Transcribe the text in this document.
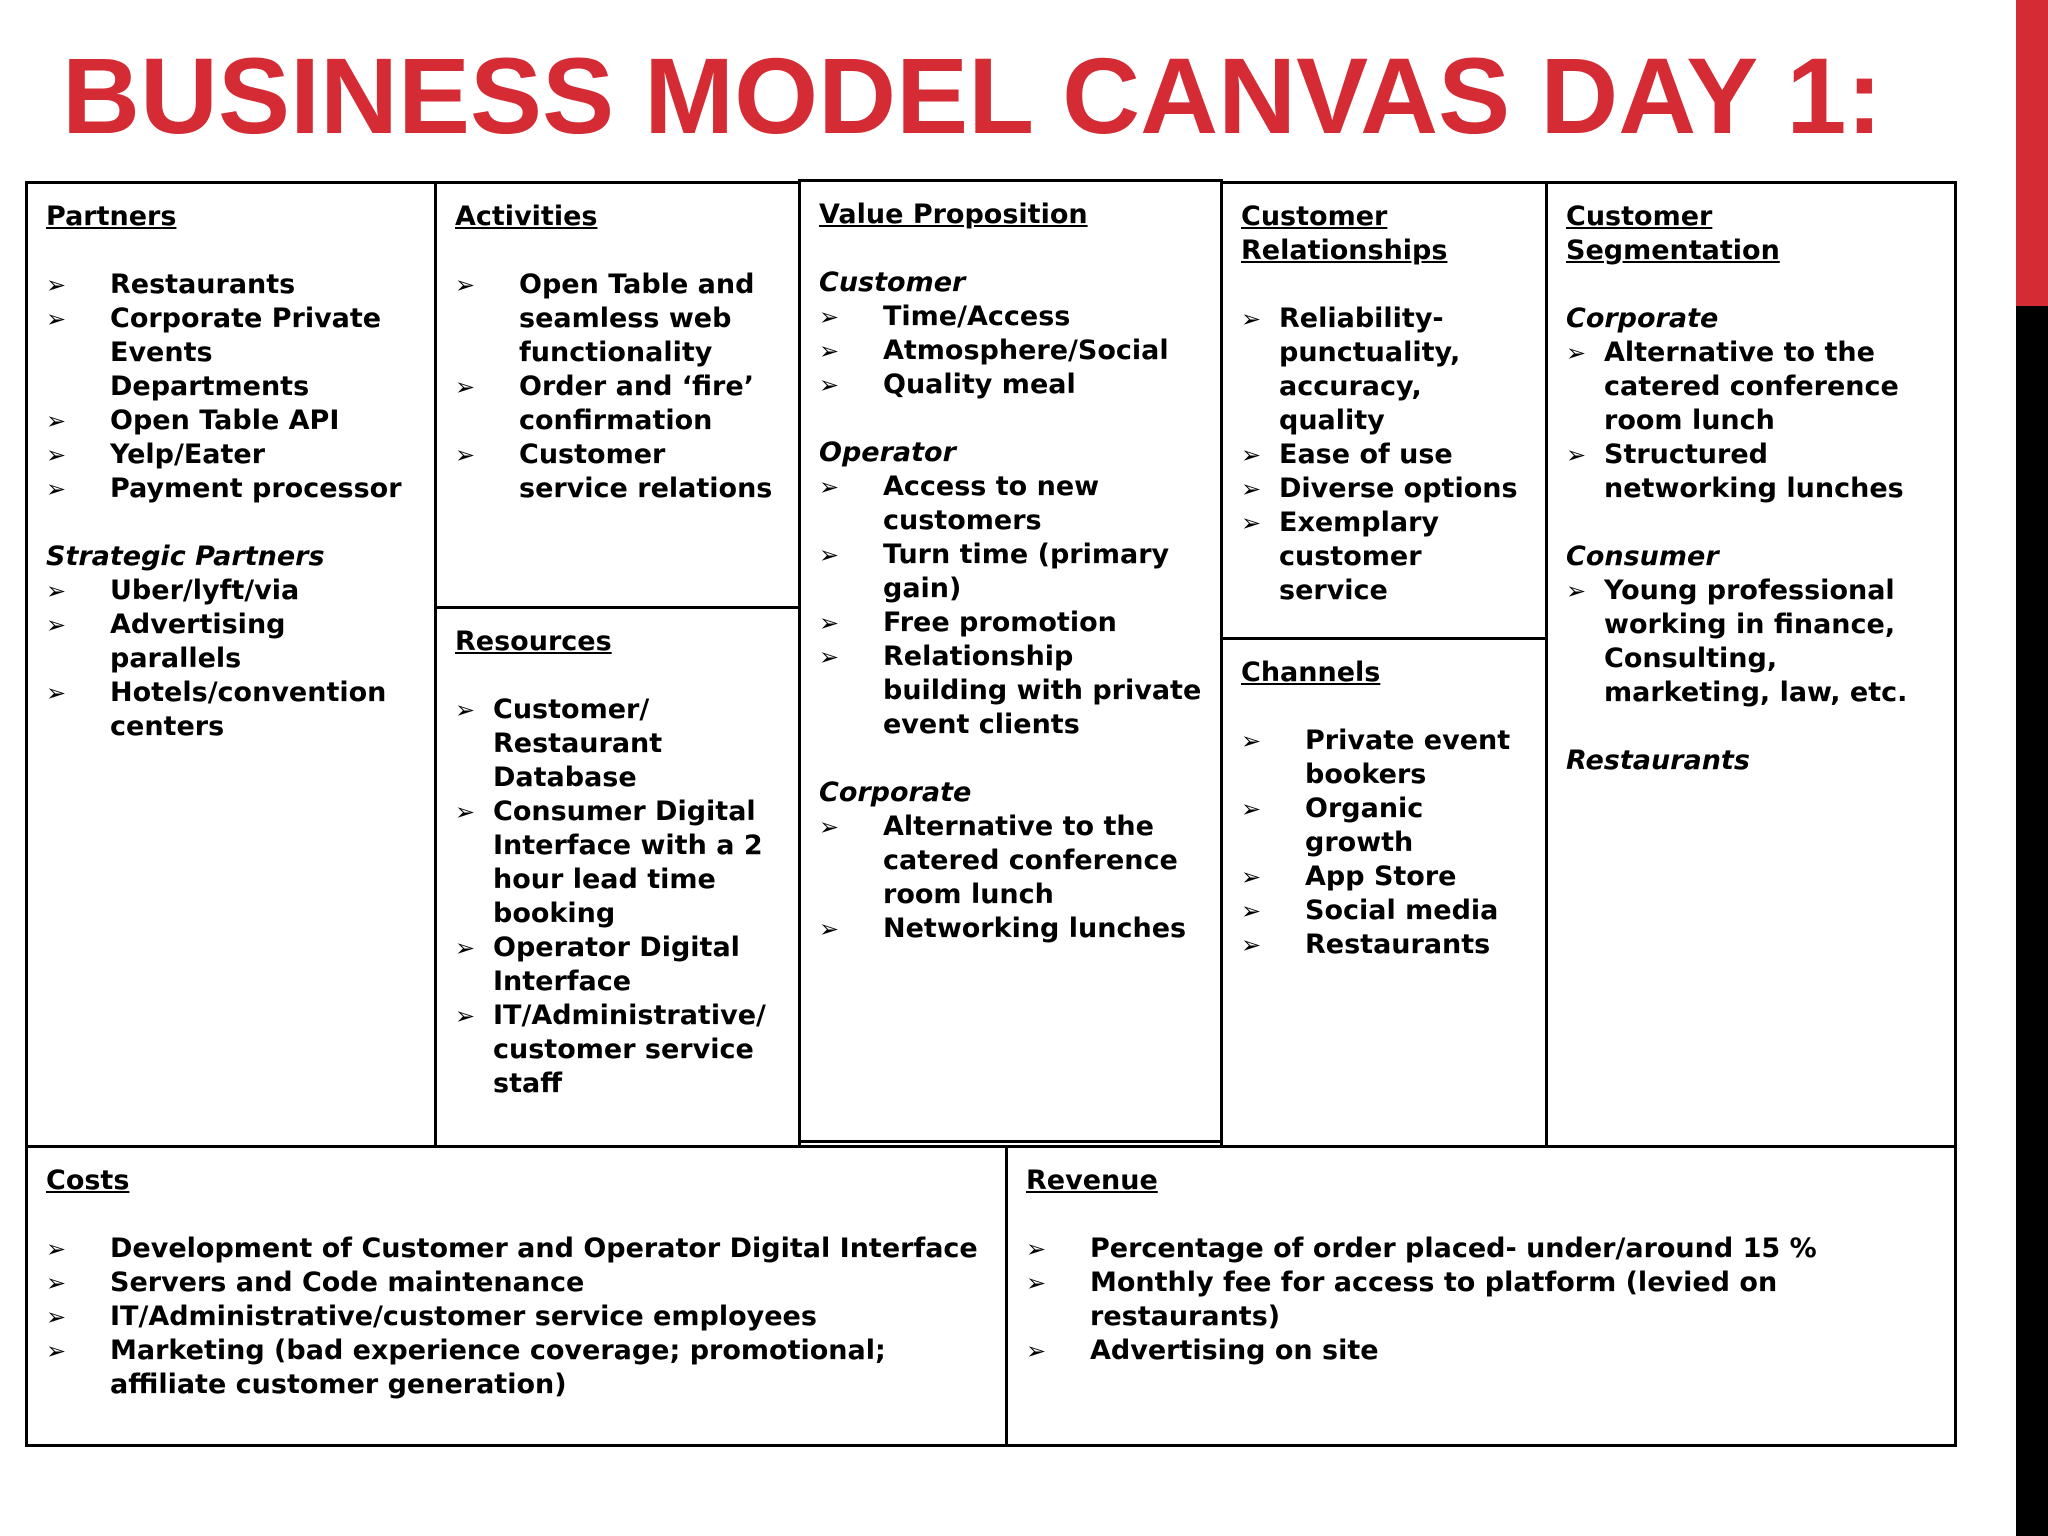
BUSINESS MODEL CANVAS DAY 1:
Partners
➢ Restaurants
➢ Corporate Private Events Departments
➢ Open Table API
➢ Yelp/Eater
➢ Payment processor
Strategic Partners
➢ Uber/lyft/via
➢ Advertising parallels
➢ Hotels/convention centers
Activities
➢ Open Table and seamless web functionality
➢ Order and ‘fire’ confirmation
➢ Customer service relations
Resources
➢ Customer/ Restaurant Database
➢ Consumer Digital Interface with a 2 hour lead time booking
➢ Operator Digital Interface
➢ IT/Administrative/ customer service staff
Value Proposition
Customer
➢ Time/Access
➢ Atmosphere/Social
➢ Quality meal
Operator
➢ Access to new customers
➢ Turn time (primary gain)
➢ Free promotion
➢ Relationship building with private event clients
Corporate
➢ Alternative to the catered conference room lunch
➢ Networking lunches
Customer
Relationships
➢ Reliability- punctuality, accuracy, quality
➢ Ease of use
➢ Diverse options
➢ Exemplary customer service
Channels
➢ Private event bookers
➢ Organic growth
➢ App Store
➢ Social media
➢ Restaurants
Customer
Segmentation
Corporate
➢ Alternative to the catered conference room lunch
➢ Structured networking lunches
Consumer
➢ Young professional working in finance, Consulting, marketing, law, etc.
Restaurants
Costs
➢ Development of Customer and Operator Digital Interface
➢ Servers and Code maintenance
➢ IT/Administrative/customer service employees
➢ Marketing (bad experience coverage; promotional; affiliate customer generation)
Revenue
➢ Percentage of order placed- under/around 15 %
➢ Monthly fee for access to platform (levied on restaurants)
➢ Advertising on site
